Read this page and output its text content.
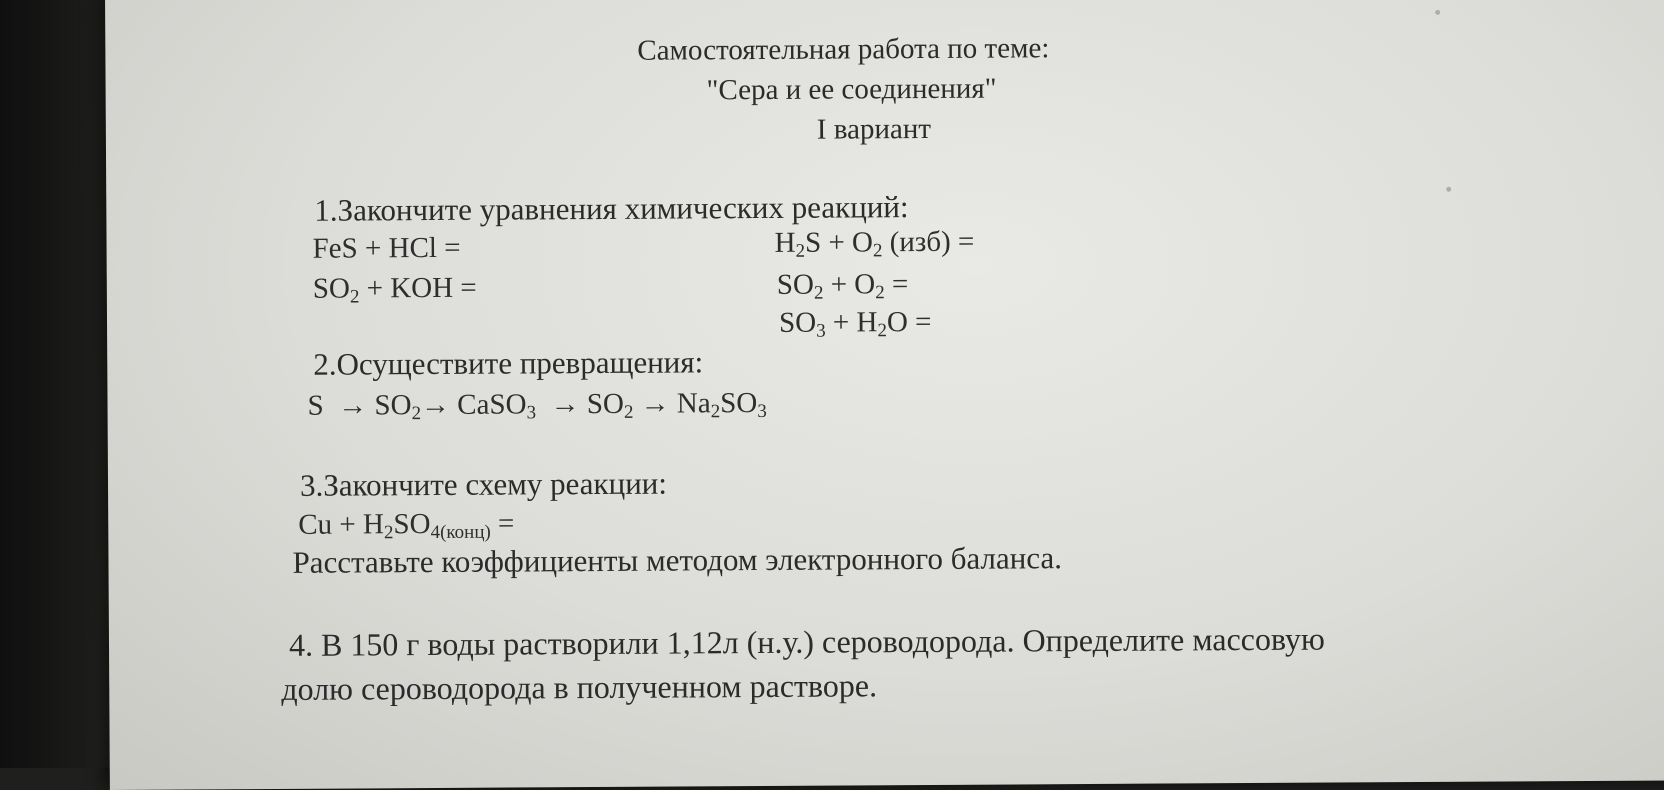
Самостоятельная работа по теме:
"Сера и ее соединения"
I вариант
1.Закончите уравнения химических реакций:
FeS + HCl =
$SO_2$ + KOH =
$H_2S + O_2$ (изб) =
$SO_2 + O_2$ =
$SO_3 + H_2O$ =
2.Осуществите превращения:
$S \to SO_2\to$ CaSO$_3$  → $SO_2 \to Na_2SO_3$
3.Закончите схему реакции:
$Cu + H_2SO_{4(конц)}$ =
Расставьте коэффициенты методом электронного баланса.
4. В 150 г воды растворили 1,12л (н.у.) сероводорода. Определите массовую
долю сероводорода в полученном растворе.
